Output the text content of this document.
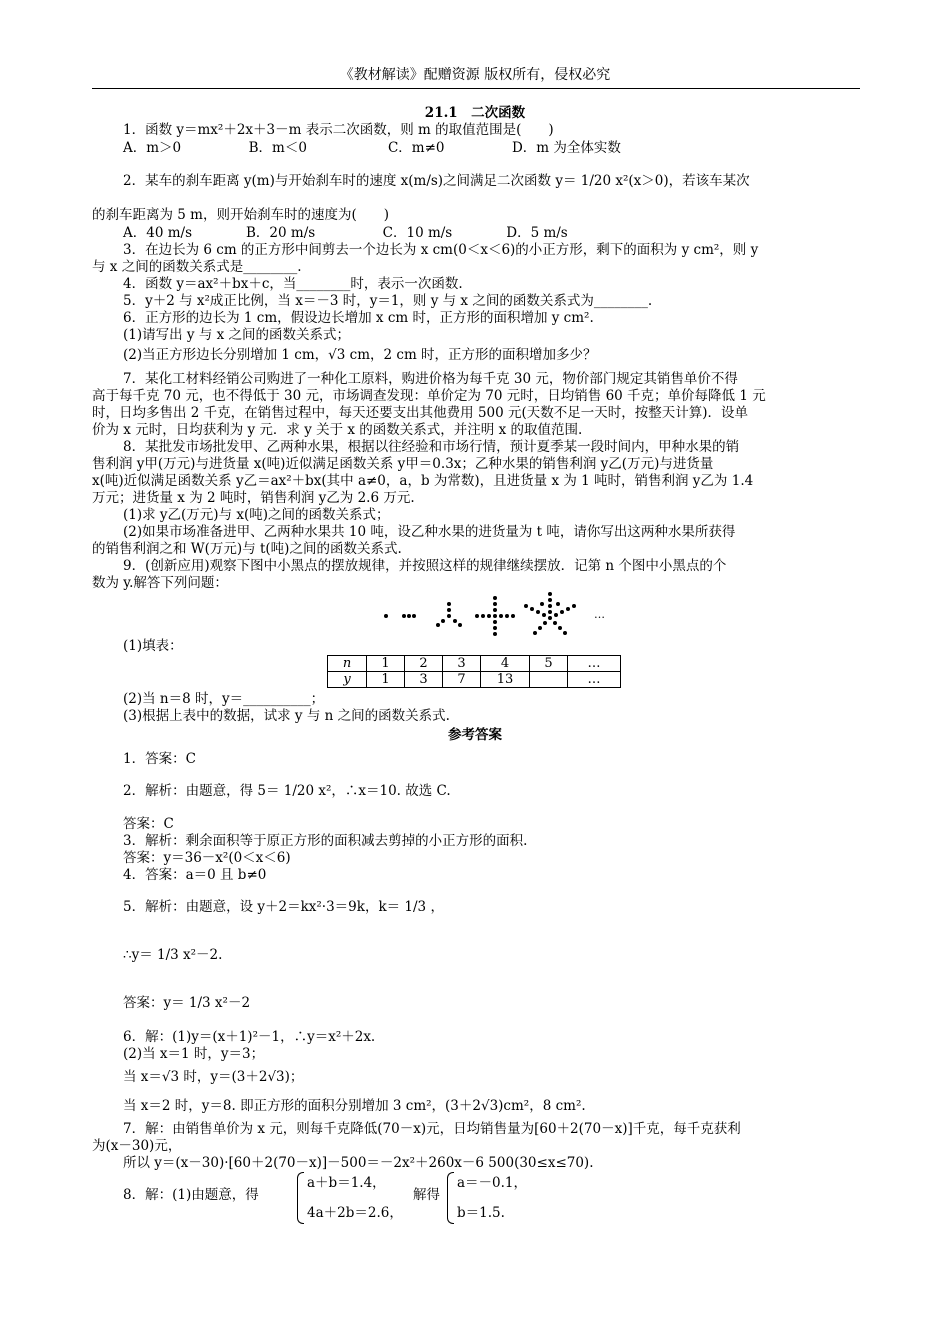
《教材解读》配赠资源 版权所有，侵权必究
21.1　二次函数
1．函数 y＝mx²＋2x＋3－m 表示二次函数，则 m 的取值范围是(　　)
A．m＞0　　　　　B．m＜0　　　　　　C．m≠0　　　　　D．m 为全体实数
2．某车的刹车距离 y(m)与开始刹车时的速度 x(m/s)之间满足二次函数 y＝ 1/20 x²(x＞0)，若该车某次
的刹车距离为 5 m，则开始刹车时的速度为(　　)
A．40 m/s　　　　B．20 m/s　　　　　C．10 m/s　　　　D．5 m/s
3．在边长为 6 cm 的正方形中间剪去一个边长为 x cm(0＜x＜6)的小正方形，剩下的面积为 y cm²，则 y
与 x 之间的函数关系式是________.
4．函数 y＝ax²＋bx＋c，当________时，表示一次函数.
5．y＋2 与 x²成正比例，当 x＝－3 时，y＝1，则 y 与 x 之间的函数关系式为________.
6．正方形的边长为 1 cm，假设边长增加 x cm 时，正方形的面积增加 y cm².
(1)请写出 y 与 x 之间的函数关系式；
(2)当正方形边长分别增加 1 cm，√3 cm，2 cm 时，正方形的面积增加多少？
7．某化工材料经销公司购进了一种化工原料，购进价格为每千克 30 元，物价部门规定其销售单价不得
高于每千克 70 元，也不得低于 30 元，市场调查发现：单价定为 70 元时，日均销售 60 千克；单价每降低 1 元
时，日均多售出 2 千克，在销售过程中，每天还要支出其他费用 500 元(天数不足一天时，按整天计算)．设单
价为 x 元时，日均获利为 y 元．求 y 关于 x 的函数关系式，并注明 x 的取值范围.
8．某批发市场批发甲、乙两种水果，根据以往经验和市场行情，预计夏季某一段时间内，甲种水果的销
售利润 y甲(万元)与进货量 x(吨)近似满足函数关系 y甲＝0.3x；乙种水果的销售利润 y乙(万元)与进货量
x(吨)近似满足函数关系 y乙＝ax²＋bx(其中 a≠0，a，b 为常数)，且进货量 x 为 1 吨时，销售利润 y乙为 1.4
万元；进货量 x 为 2 吨时，销售利润 y乙为 2.6 万元.
(1)求 y乙(万元)与 x(吨)之间的函数关系式；
(2)如果市场准备进甲、乙两种水果共 10 吨，设乙种水果的进货量为 t 吨，请你写出这两种水果所获得
的销售利润之和 W(万元)与 t(吨)之间的函数关系式.
9．(创新应用)观察下图中小黑点的摆放规律，并按照这样的规律继续摆放．记第 n 个图中小黑点的个
数为 y.解答下列问题：
…
(1)填表：
n	1	2	3	4	5	…
y	1	3	7	13		…
(2)当 n＝8 时，y＝__________；
(3)根据上表中的数据，试求 y 与 n 之间的函数关系式.
参考答案
1．答案：C
2．解析：由题意，得 5＝ 1/20 x²，∴x＝10. 故选 C.
答案：C
3．解析：剩余面积等于原正方形的面积减去剪掉的小正方形的面积.
答案：y＝36－x²(0＜x＜6)
4．答案：a＝0 且 b≠0
5．解析：由题意，设 y＋2＝kx²·3＝9k，k＝ 1/3 ，
∴y＝ 1/3 x²－2.
答案：y＝ 1/3 x²－2
6．解：(1)y＝(x＋1)²－1，∴y＝x²＋2x.
(2)当 x＝1 时，y＝3；
当 x＝√3 时，y＝(3＋2√3)；
当 x＝2 时，y＝8. 即正方形的面积分别增加 3 cm²，(3＋2√3)cm²，8 cm².
7．解：由销售单价为 x 元，则每千克降低(70－x)元，日均销售量为[60＋2(70－x)]千克，每千克获利
为(x－30)元，
所以 y＝(x－30)·[60＋2(70－x)]－500＝－2x²＋260x－6 500(30≤x≤70).
8．解：(1)由题意，得
a＋b＝1.4，
4a＋2b＝2.6，
解得
a＝－0.1，
b＝1.5.
